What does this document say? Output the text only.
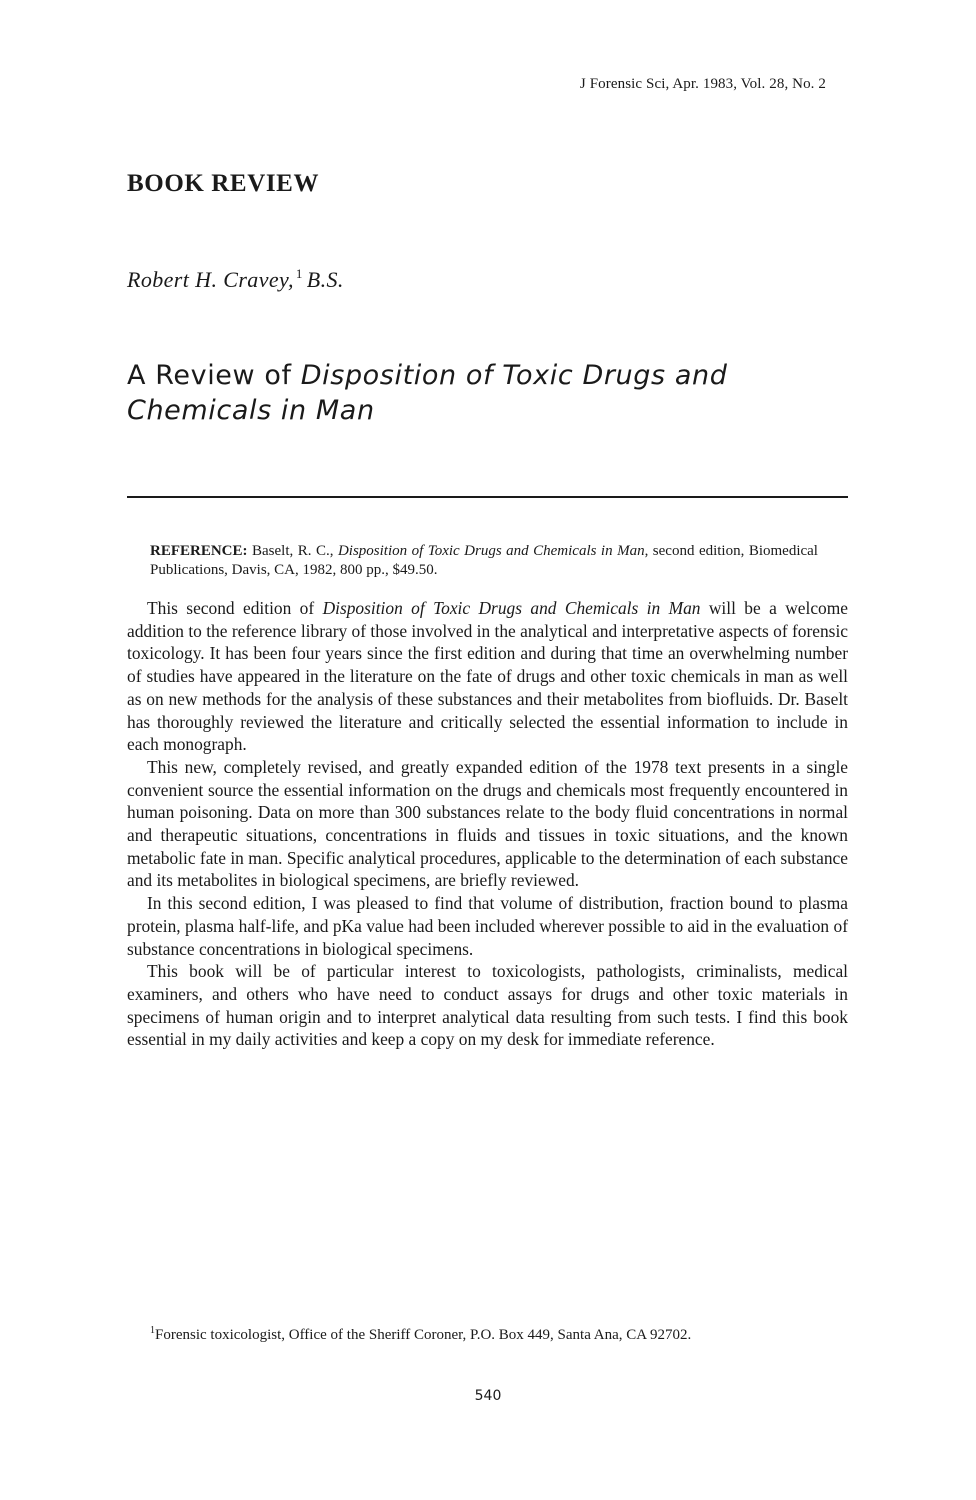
J Forensic Sci, Apr. 1983, Vol. 28, No. 2
BOOK REVIEW
Robert H. Cravey, $^1$ B.S.
A Review of Disposition of Toxic Drugs and
Chemicals in Man
REFERENCE: Baselt, R. C., Disposition of Toxic Drugs and Chemicals in Man, second edition, Biomedical Publications, Davis, CA, 1982, 800 pp., $49.50.

This second edition of Disposition of Toxic Drugs and Chemicals in Man will be a welcome addition to the reference library of those involved in the analytical and interpretative aspects of forensic toxicology. It has been four years since the first edition and during that time an overwhelming number of studies have appeared in the literature on the fate of drugs and other toxic chemicals in man as well as on new methods for the analysis of these substances and their metabolites from biofluids. Dr. Baselt has thoroughly reviewed the literature and critically selected the essential information to include in each monograph.

This new, completely revised, and greatly expanded edition of the 1978 text presents in a single convenient source the essential information on the drugs and chemicals most frequently encountered in human poisoning. Data on more than 300 substances relate to the body fluid concentrations in normal and therapeutic situations, concentrations in fluids and tissues in toxic situations, and the known metabolic fate in man. Specific analytical procedures, applicable to the determination of each substance and its metabolites in biological specimens, are briefly reviewed.

In this second edition, I was pleased to find that volume of distribution, fraction bound to plasma protein, plasma half-life, and pKa value had been included wherever possible to aid in the evaluation of substance concentrations in biological specimens.

This book will be of particular interest to toxicologists, pathologists, criminalists, medical examiners, and others who have need to conduct assays for drugs and other toxic materials in specimens of human origin and to interpret analytical data resulting from such tests. I find this book essential in my daily activities and keep a copy on my desk for immediate reference.

$^1$Forensic toxicologist, Office of the Sheriff Coroner, P.O. Box 449, Santa Ana, CA 92702.
540
